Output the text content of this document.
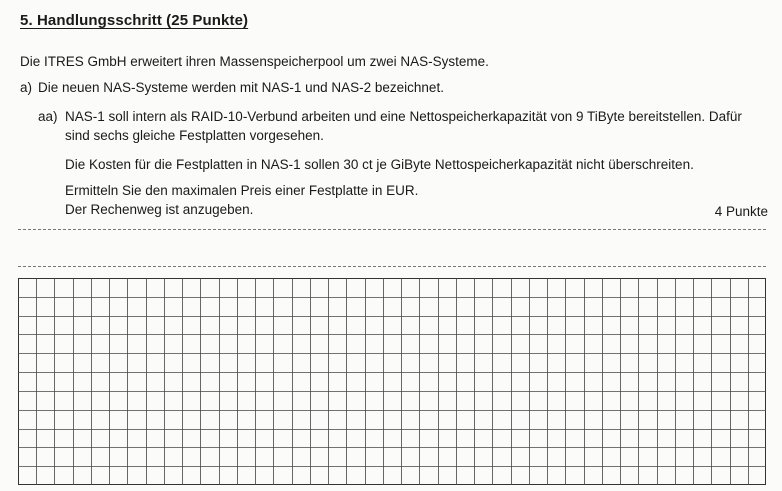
5. Handlungsschritt (25 Punkte)
Die ITRES GmbH erweitert ihren Massenspeicherpool um zwei NAS-Systeme.
a) Die neuen NAS-Systeme werden mit NAS-1 und NAS-2 bezeichnet.
aa) NAS-1 soll intern als RAID-10-Verbund arbeiten und eine Nettospeicherkapazität von 9 TiByte bereitstellen. Dafür sind sechs gleiche Festplatten vorgesehen.
Die Kosten für die Festplatten in NAS-1 sollen 30 ct je GiByte Nettospeicherkapazität nicht überschreiten.
Ermitteln Sie den maximalen Preis einer Festplatte in EUR.
Der Rechenweg ist anzugeben.	4 Punkte
